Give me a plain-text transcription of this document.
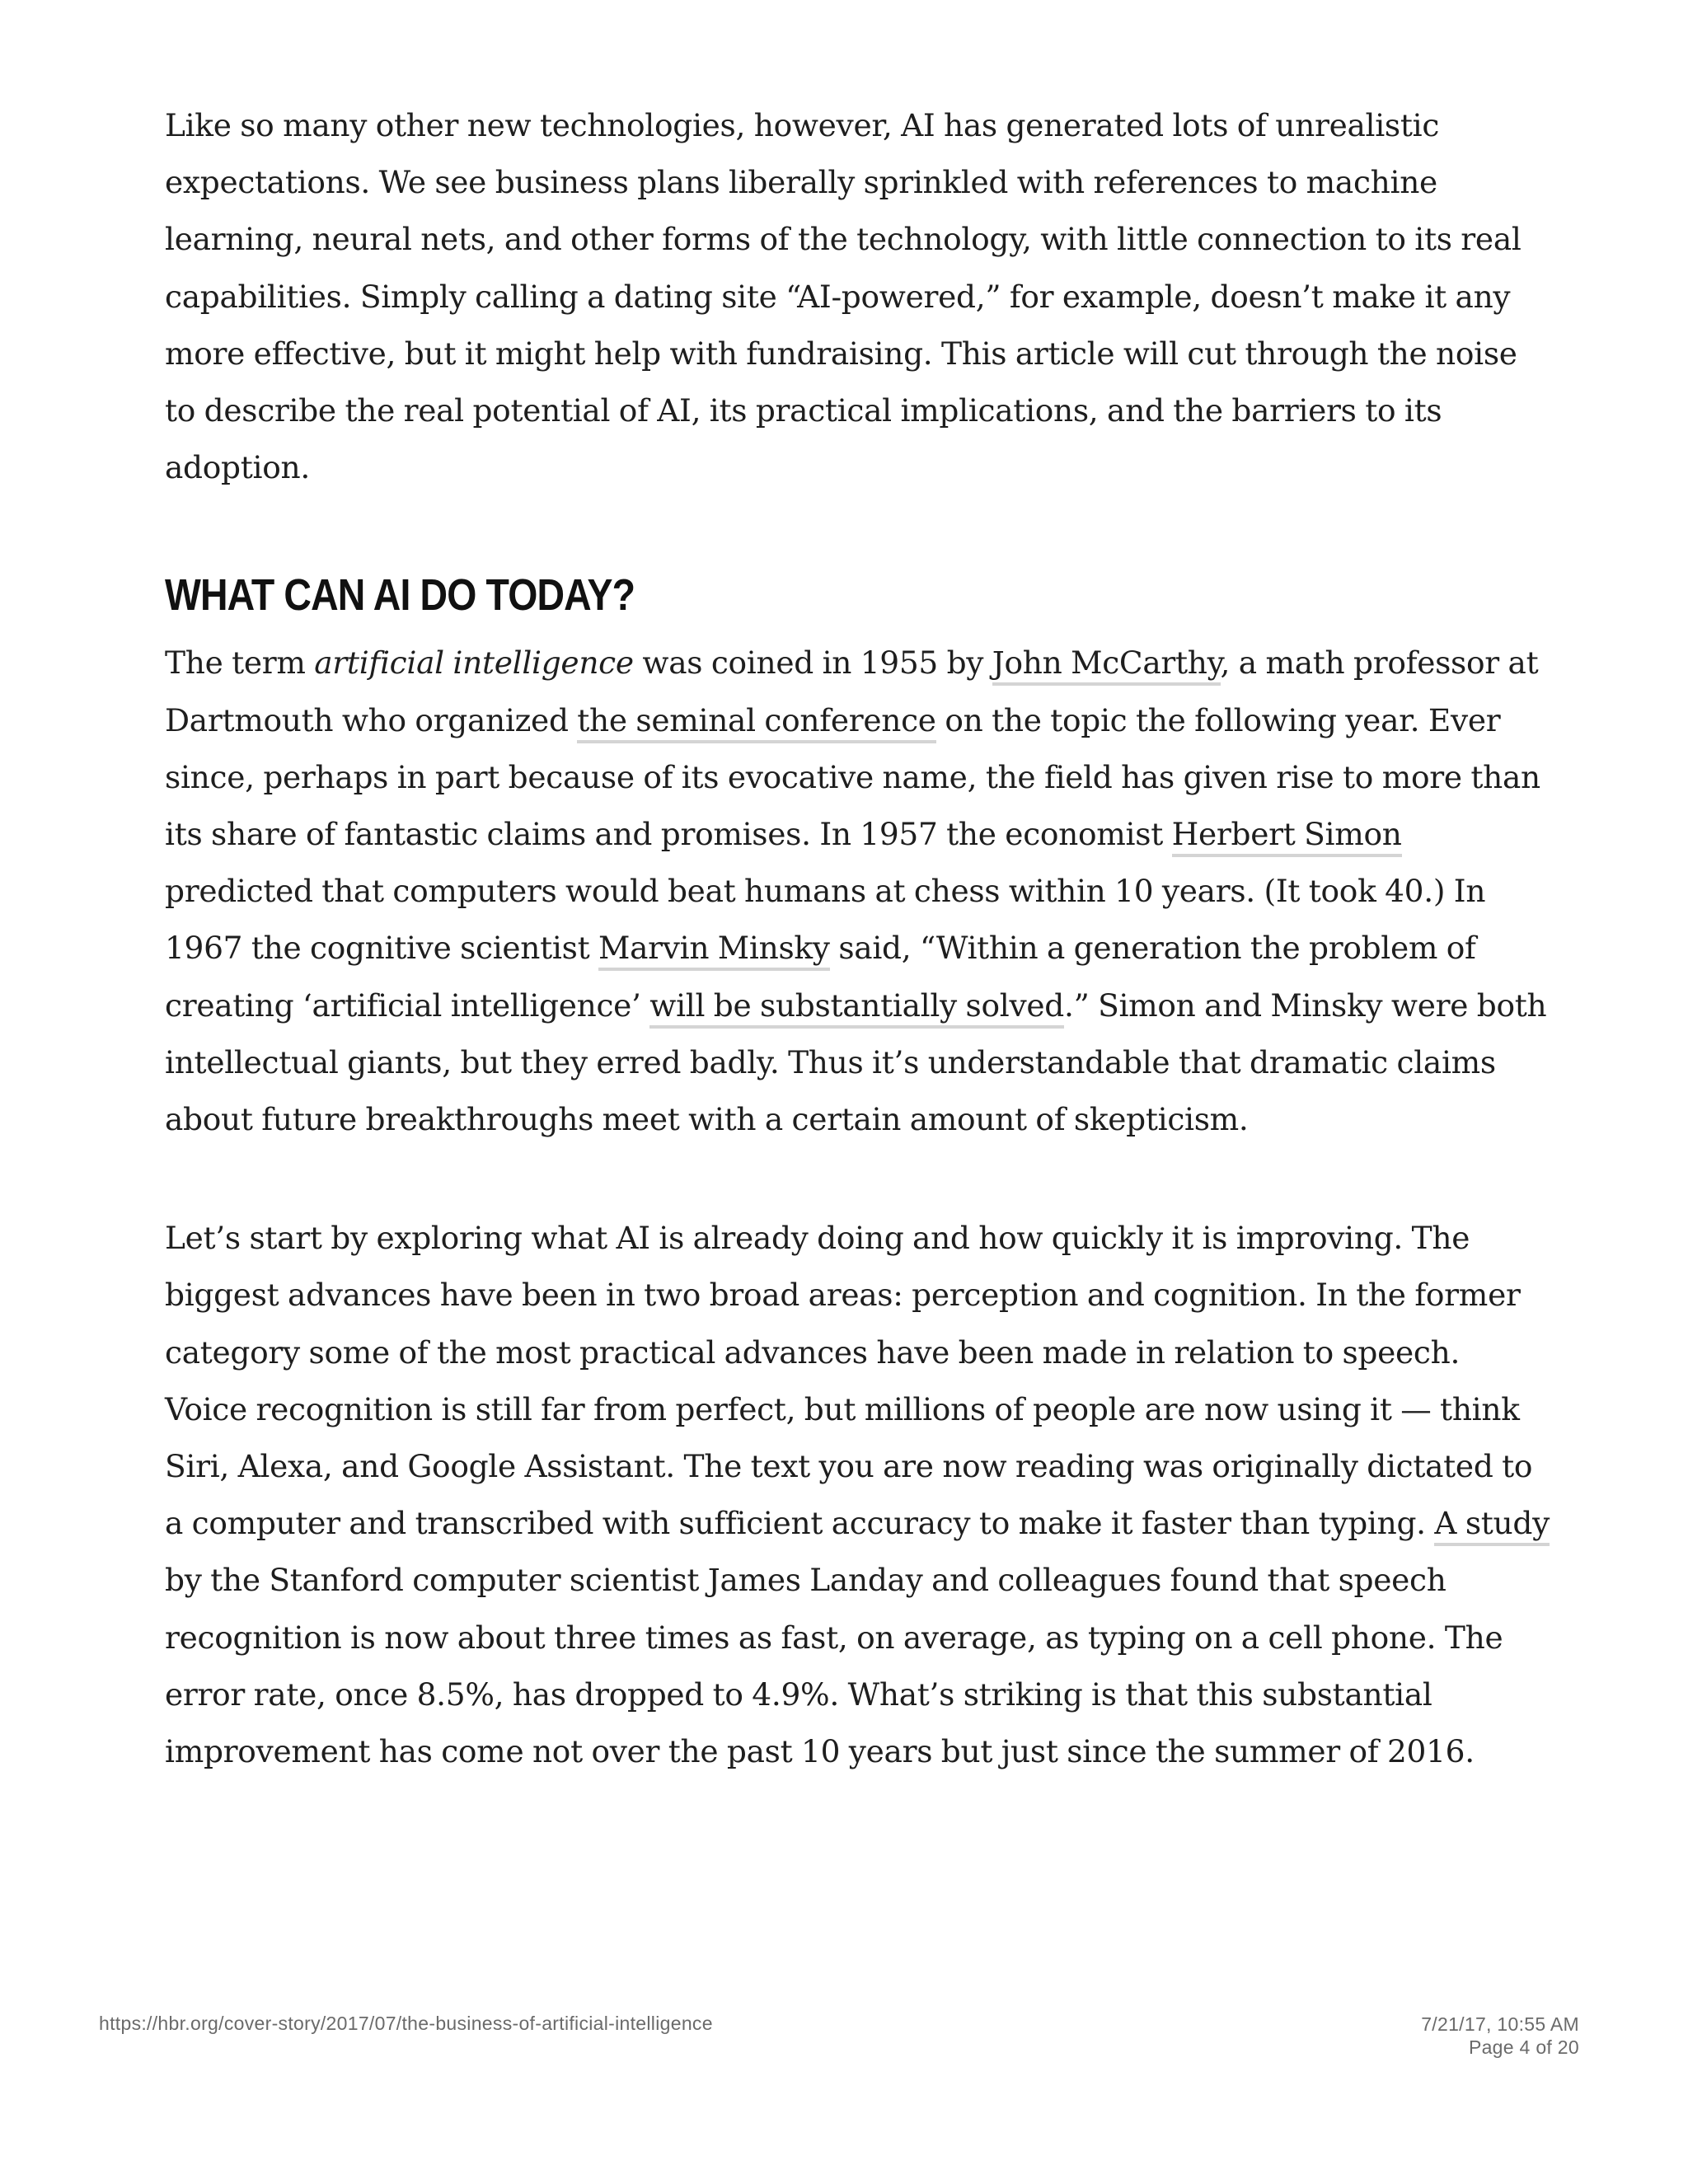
Like so many other new technologies, however, AI has generated lots of unrealistic expectations. We see business plans liberally sprinkled with references to machine learning, neural nets, and other forms of the technology, with little connection to its real capabilities. Simply calling a dating site “AI-powered,” for example, doesn’t make it any more effective, but it might help with fundraising. This article will cut through the noise to describe the real potential of AI, its practical implications, and the barriers to its adoption.

WHAT CAN AI DO TODAY?

The term artificial intelligence was coined in 1955 by John McCarthy, a math professor at Dartmouth who organized the seminal conference on the topic the following year. Ever since, perhaps in part because of its evocative name, the field has given rise to more than its share of fantastic claims and promises. In 1957 the economist Herbert Simon predicted that computers would beat humans at chess within 10 years. (It took 40.) In 1967 the cognitive scientist Marvin Minsky said, “Within a generation the problem of creating ‘artificial intelligence’ will be substantially solved.” Simon and Minsky were both intellectual giants, but they erred badly. Thus it’s understandable that dramatic claims about future breakthroughs meet with a certain amount of skepticism.

Let’s start by exploring what AI is already doing and how quickly it is improving. The biggest advances have been in two broad areas: perception and cognition. In the former category some of the most practical advances have been made in relation to speech. Voice recognition is still far from perfect, but millions of people are now using it — think Siri, Alexa, and Google Assistant. The text you are now reading was originally dictated to a computer and transcribed with sufficient accuracy to make it faster than typing. A study by the Stanford computer scientist James Landay and colleagues found that speech recognition is now about three times as fast, on average, as typing on a cell phone. The error rate, once 8.5%, has dropped to 4.9%. What’s striking is that this substantial improvement has come not over the past 10 years but just since the summer of 2016.

https://hbr.org/cover-story/2017/07/the-business-of-artificial-intelligence	7/21/17, 10:55 AM
Page 4 of 20
